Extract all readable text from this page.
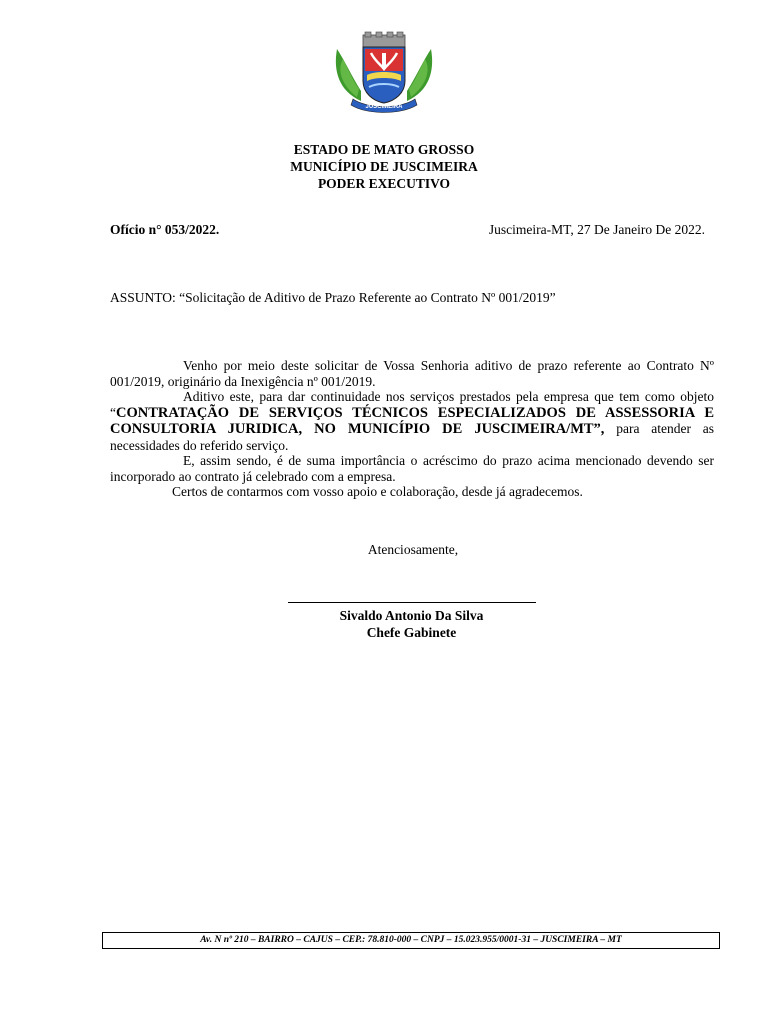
JUSCIMEIRA
ESTADO DE MATO GROSSO
MUNICÍPIO DE JUSCIMEIRA
PODER EXECUTIVO
Ofício n° 053/2022.	Juscimeira-MT, 27 De Janeiro De 2022.
ASSUNTO: “Solicitação de Aditivo de Prazo Referente ao Contrato Nº 001/2019”

Venho por meio deste solicitar de Vossa Senhoria aditivo de prazo referente ao Contrato Nº 001/2019, originário da Inexigência nº 001/2019.

Aditivo este, para dar continuidade nos serviços prestados pela empresa que tem como objeto “CONTRATAÇÃO DE SERVIÇOS TÉCNICOS ESPECIALIZADOS DE ASSESSORIA E CONSULTORIA JURIDICA, NO MUNICÍPIO DE JUSCIMEIRA/MT”, para atender as necessidades do referido serviço.

E, assim sendo, é de suma importância o acréscimo do prazo acima mencionado devendo ser incorporado ao contrato já celebrado com a empresa.

Certos de contarmos com vosso apoio e colaboração, desde já agradecemos.

Atenciosamente,
Sivaldo Antonio Da Silva
Chefe Gabinete
Av. N nº 210 – BAIRRO – CAJUS – CEP.: 78.810-000 – CNPJ – 15.023.955/0001-31 – JUSCIMEIRA – MT
